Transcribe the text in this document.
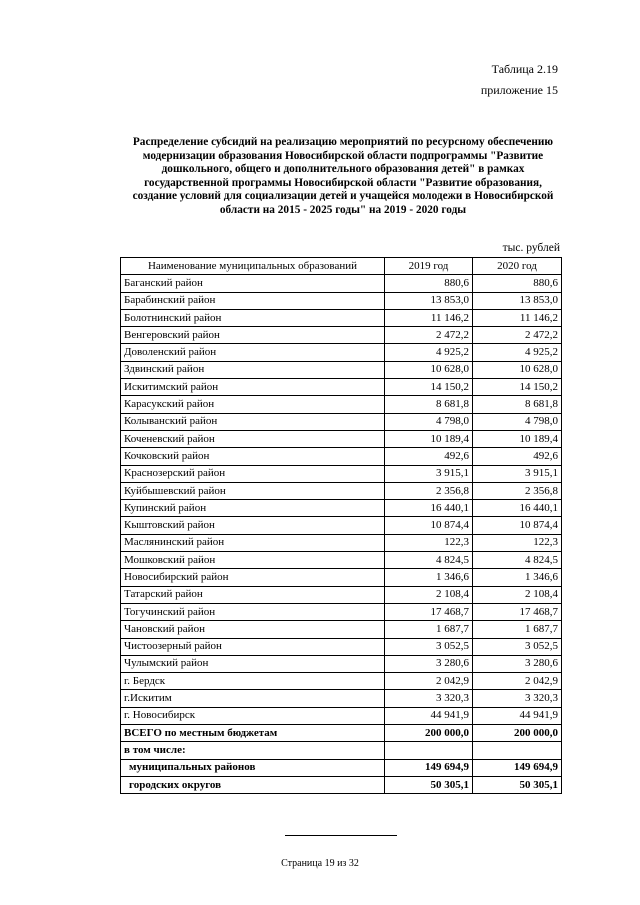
Таблица 2.19
приложение 15
Распределение субсидий на реализацию мероприятий по ресурсному обеспечению
модернизации образования Новосибирской области подпрограммы "Развитие
дошкольного, общего и дополнительного образования детей" в рамках
государственной программы Новосибирской области "Развитие образования,
создание условий для социализации детей и учащейся молодежи в Новосибирской
области на 2015 - 2025 годы" на 2019 - 2020 годы
тыс. рублей
Наименование муниципальных образований	2019 год	2020 год
Баганский район	880,6	880,6
Барабинский район	13 853,0	13 853,0
Болотнинский район	11 146,2	11 146,2
Венгеровский район	2 472,2	2 472,2
Доволенский район	4 925,2	4 925,2
Здвинский район	10 628,0	10 628,0
Искитимский район	14 150,2	14 150,2
Карасукский район	8 681,8	8 681,8
Колыванский район	4 798,0	4 798,0
Коченевский район	10 189,4	10 189,4
Кочковский район	492,6	492,6
Краснозерский район	3 915,1	3 915,1
Куйбышевский район	2 356,8	2 356,8
Купинский район	16 440,1	16 440,1
Кыштовский район	10 874,4	10 874,4
Маслянинский район	122,3	122,3
Мошковский район	4 824,5	4 824,5
Новосибирский район	1 346,6	1 346,6
Татарский район	2 108,4	2 108,4
Тогучинский район	17 468,7	17 468,7
Чановский район	1 687,7	1 687,7
Чистоозерный район	3 052,5	3 052,5
Чулымский район	3 280,6	3 280,6
г. Бердск	2 042,9	2 042,9
г.Искитим	3 320,3	3 320,3
г. Новосибирск	44 941,9	44 941,9
ВСЕГО по местным бюджетам	200 000,0	200 000,0
в том числе:		
муниципальных районов	149 694,9	149 694,9
городских округов	50 305,1	50 305,1
Страница 19 из 32
